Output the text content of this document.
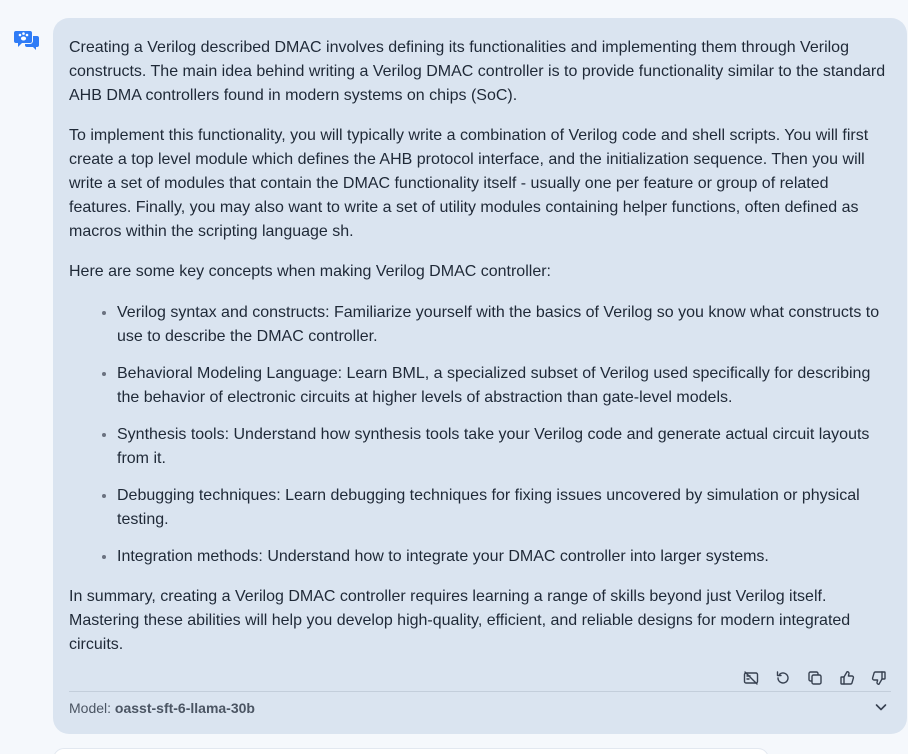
Creating a Verilog described DMAC involves defining its functionalities and implementing them through Verilog constructs. The main idea behind writing a Verilog DMAC controller is to provide functionality similar to the standard AHB DMA controllers found in modern systems on chips (SoC).

To implement this functionality, you will typically write a combination of Verilog code and shell scripts. You will first create a top level module which defines the AHB protocol interface, and the initialization sequence. Then you will write a set of modules that contain the DMAC functionality itself - usually one per feature or group of related features. Finally, you may also want to write a set of utility modules containing helper functions, often defined as macros within the scripting language sh.

Here are some key concepts when making Verilog DMAC controller:

• Verilog syntax and constructs: Familiarize yourself with the basics of Verilog so you know what constructs to use to describe the DMAC controller.
• Behavioral Modeling Language: Learn BML, a specialized subset of Verilog used specifically for describing the behavior of electronic circuits at higher levels of abstraction than gate-level models.
• Synthesis tools: Understand how synthesis tools take your Verilog code and generate actual circuit layouts from it.
• Debugging techniques: Learn debugging techniques for fixing issues uncovered by simulation or physical testing.
• Integration methods: Understand how to integrate your DMAC controller into larger systems.

In summary, creating a Verilog DMAC controller requires learning a range of skills beyond just Verilog itself. Mastering these abilities will help you develop high-quality, efficient, and reliable designs for modern integrated circuits.

Model: oasst-sft-6-llama-30b
